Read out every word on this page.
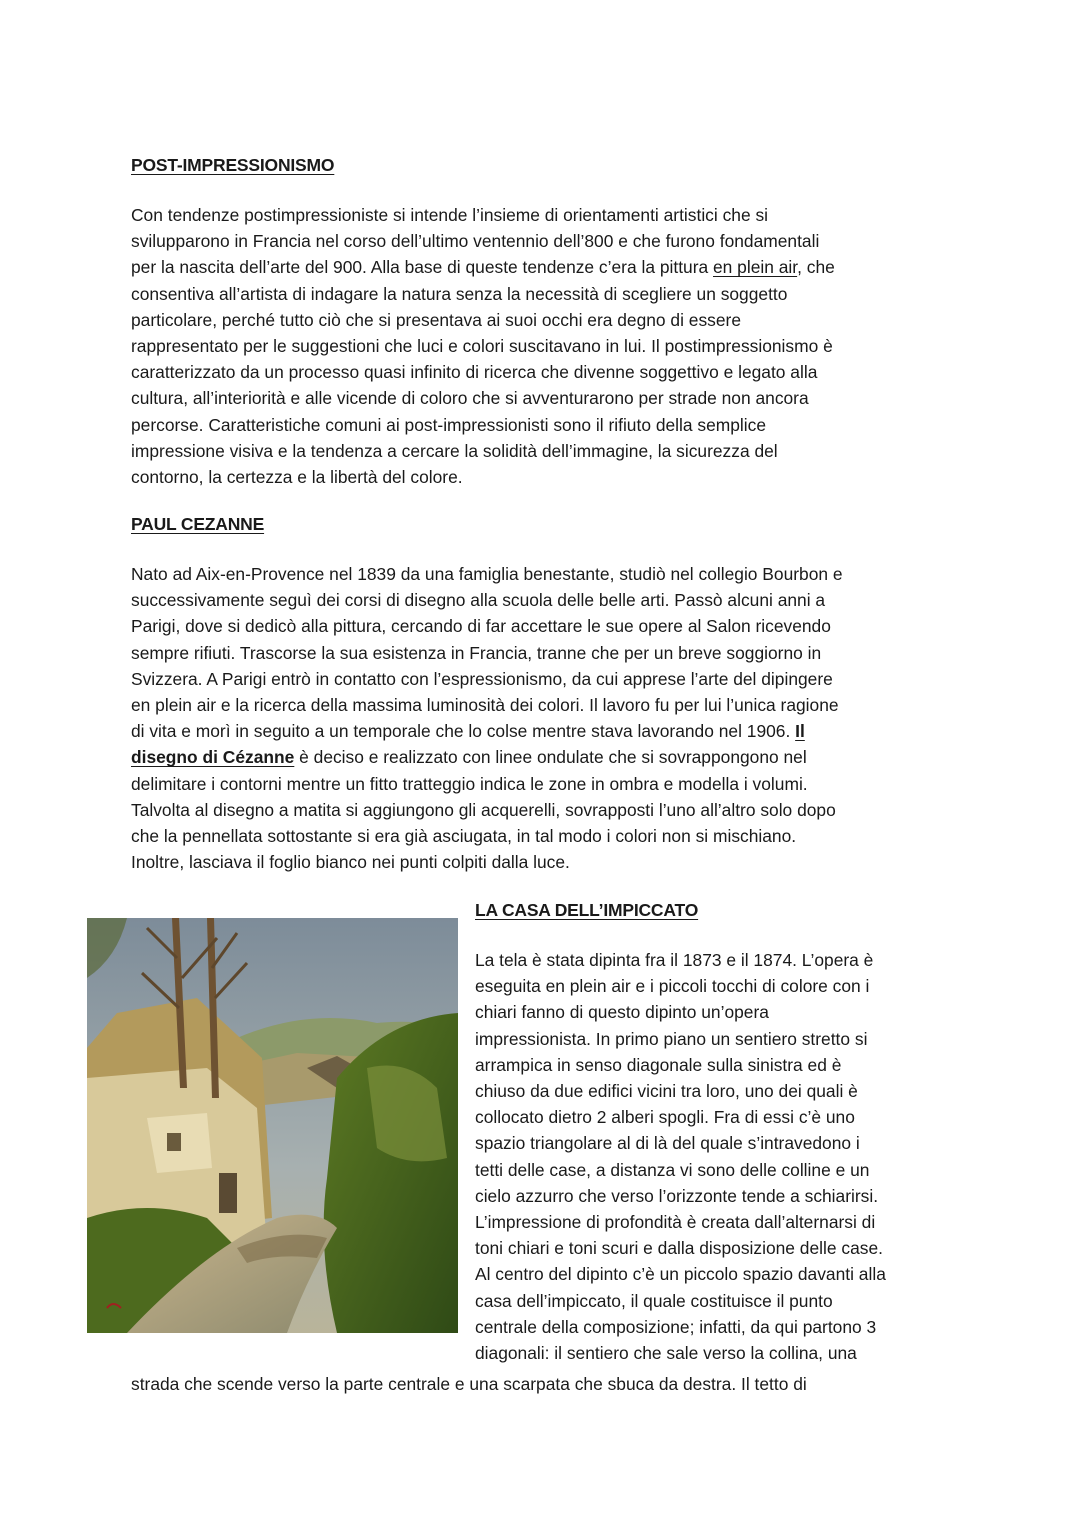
POST-IMPRESSIONISMO

Con tendenze postimpressioniste si intende l’insieme di orientamenti artistici che si
svilupparono in Francia nel corso dell’ultimo ventennio dell’800 e che furono fondamentali
per la nascita dell’arte del 900. Alla base di queste tendenze c’era la pittura en plein air, che
consentiva all’artista di indagare la natura senza la necessità di scegliere un soggetto
particolare, perché tutto ciò che si presentava ai suoi occhi era degno di essere
rappresentato per le suggestioni che luci e colori suscitavano in lui. Il postimpressionismo è
caratterizzato da un processo quasi infinito di ricerca che divenne soggettivo e legato alla
cultura, all’interiorità e alle vicende di coloro che si avventurarono per strade non ancora
percorse. Caratteristiche comuni ai post-impressionisti sono il rifiuto della semplice
impressione visiva e la tendenza a cercare la solidità dell’immagine, la sicurezza del
contorno, la certezza e la libertà del colore.

PAUL CEZANNE

Nato ad Aix-en-Provence nel 1839 da una famiglia benestante, studiò nel collegio Bourbon e
successivamente seguì dei corsi di disegno alla scuola delle belle arti. Passò alcuni anni a
Parigi, dove si dedicò alla pittura, cercando di far accettare le sue opere al Salon ricevendo
sempre rifiuti. Trascorse la sua esistenza in Francia, tranne che per un breve soggiorno in
Svizzera. A Parigi entrò in contatto con l’espressionismo, da cui apprese l’arte del dipingere
en plein air e la ricerca della massima luminosità dei colori. Il lavoro fu per lui l’unica ragione
di vita e morì in seguito a un temporale che lo colse mentre stava lavorando nel 1906. Il
disegno di Cézanne è deciso e realizzato con linee ondulate che si sovrappongono nel
delimitare i contorni mentre un fitto tratteggio indica le zone in ombra e modella i volumi.
Talvolta al disegno a matita si aggiungono gli acquerelli, sovrapposti l’uno all’altro solo dopo
che la pennellata sottostante si era già asciugata, in tal modo i colori non si mischiano.
Inoltre, lasciava il foglio bianco nei punti colpiti dalla luce.

LA CASA DELL’IMPICCATO

La tela è stata dipinta fra il 1873 e il 1874. L’opera è
eseguita en plein air e i piccoli tocchi di colore con i
chiari fanno di questo dipinto un’opera
impressionista. In primo piano un sentiero stretto si
arrampica in senso diagonale sulla sinistra ed è
chiuso da due edifici vicini tra loro, uno dei quali è
collocato dietro 2 alberi spogli. Fra di essi c’è uno
spazio triangolare al di là del quale s’intravedono i
tetti delle case, a distanza vi sono delle colline e un
cielo azzurro che verso l’orizzonte tende a schiarirsi.
L’impressione di profondità è creata dall’alternarsi di
toni chiari e toni scuri e dalla disposizione delle case.
Al centro del dipinto c’è un piccolo spazio davanti alla
casa dell’impiccato, il quale costituisce il punto
centrale della composizione; infatti, da qui partono 3
diagonali: il sentiero che sale verso la collina, una

strada che scende verso la parte centrale e una scarpata che sbuca da destra. Il tetto di
